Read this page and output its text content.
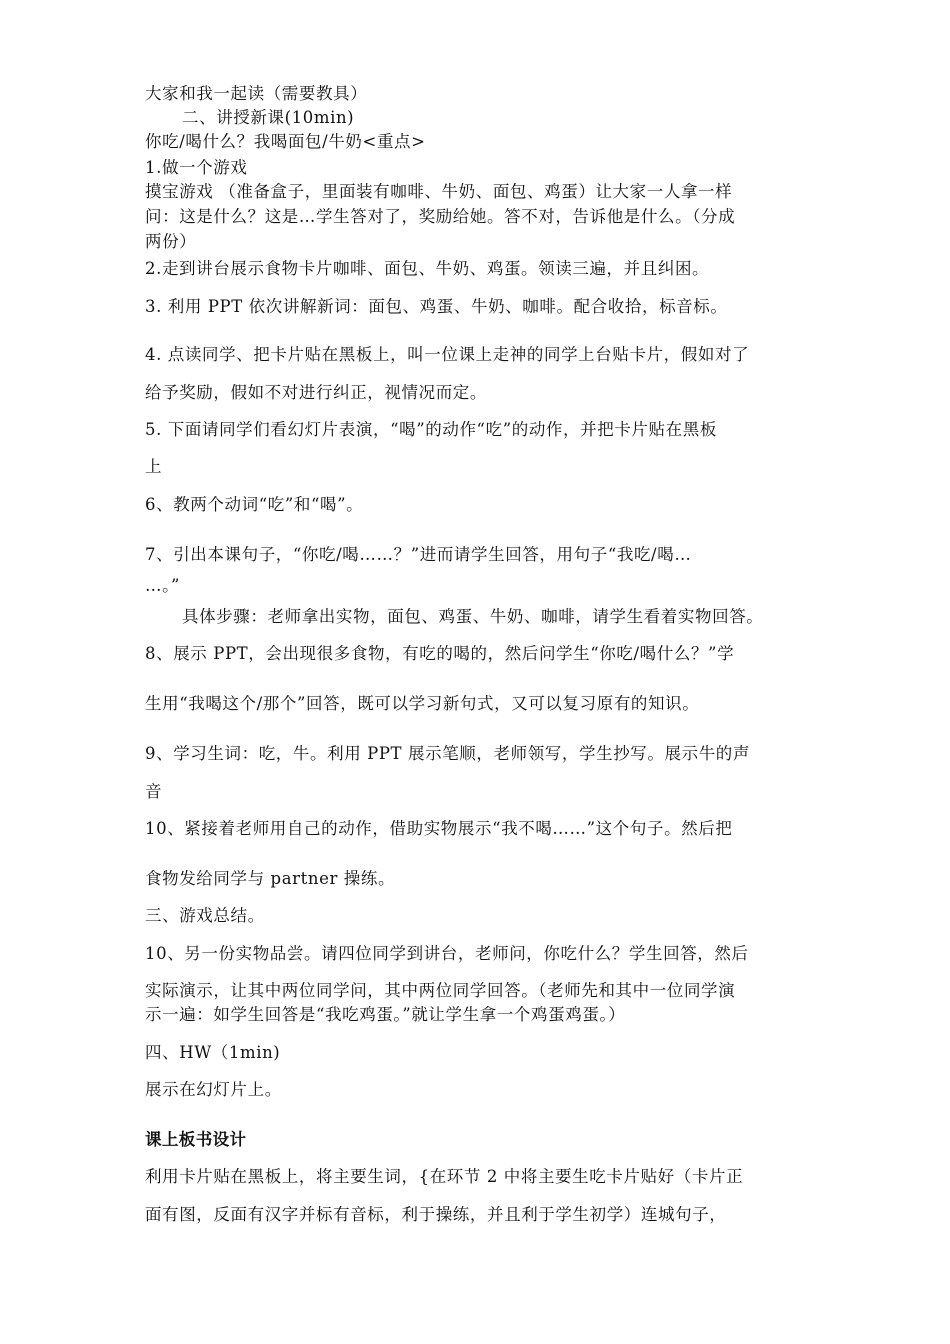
大家和我一起读（需要教具）
二、讲授新课(10min)
你吃/喝什么？我喝面包/牛奶<重点>
1.做一个游戏
摸宝游戏 （准备盒子，里面装有咖啡、牛奶、面包、鸡蛋）让大家一人拿一样
问：这是什么？这是…学生答对了，奖励给她。答不对，告诉他是什么。（分成
两份）
2.走到讲台展示食物卡片咖啡、面包、牛奶、鸡蛋。领读三遍，并且纠困。
3. 利用 PPT 依次讲解新词：面包、鸡蛋、牛奶、咖啡。配合收拾，标音标。
4. 点读同学、把卡片贴在黑板上，叫一位课上走神的同学上台贴卡片，假如对了
给予奖励，假如不对进行纠正，视情况而定。
5. 下面请同学们看幻灯片表演，“喝”的动作“吃”的动作，并把卡片贴在黑板
上
6、教两个动词“吃”和“喝”。
7、引出本课句子，“你吃/喝……？”进而请学生回答，用句子“我吃/喝…
…。”
具体步骤：老师拿出实物，面包、鸡蛋、牛奶、咖啡，请学生看着实物回答。
8、展示 PPT，会出现很多食物，有吃的喝的，然后问学生“你吃/喝什么？”学
生用“我喝这个/那个”回答，既可以学习新句式，又可以复习原有的知识。
9、学习生词：吃，牛。利用 PPT 展示笔顺，老师领写，学生抄写。展示牛的声
音
10、紧接着老师用自己的动作，借助实物展示“我不喝……”这个句子。然后把
食物发给同学与 partner 操练。
三、游戏总结。
10、另一份实物品尝。请四位同学到讲台，老师问，你吃什么？学生回答，然后
实际演示，让其中两位同学问，其中两位同学回答。（老师先和其中一位同学演
示一遍：如学生回答是“我吃鸡蛋。”就让学生拿一个鸡蛋鸡蛋。）
四、HW（1min)
展示在幻灯片上。
课上板书设计
利用卡片贴在黑板上，将主要生词，{在环节 2 中将主要生吃卡片贴好（卡片正
面有图，反面有汉字并标有音标，利于操练，并且利于学生初学）连城句子，
